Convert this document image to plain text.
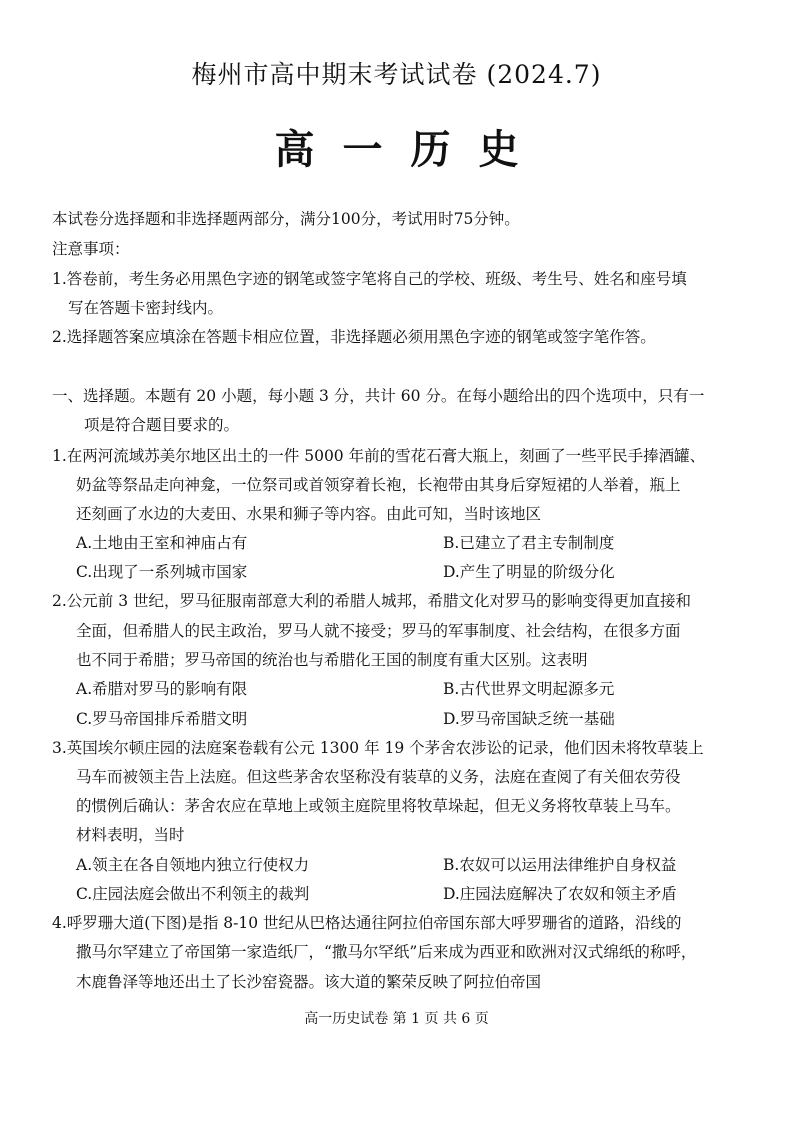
梅州市高中期末考试试卷 (2024.7)
高一历史
本试卷分选择题和非选择题两部分，满分100分，考试用时75分钟。
注意事项：
1.答卷前，考生务必用黑色字迹的钢笔或签字笔将自己的学校、班级、考生号、姓名和座号填
写在答题卡密封线内。
2.选择题答案应填涂在答题卡相应位置，非选择题必须用黑色字迹的钢笔或签字笔作答。
一、选择题。本题有 20 小题，每小题 3 分，共计 60 分。在每小题给出的四个选项中，只有一
项是符合题目要求的。
1.在两河流域苏美尔地区出土的一件 5000 年前的雪花石膏大瓶上，刻画了一些平民手捧酒罐、
奶盆等祭品走向神龛，一位祭司或首领穿着长袍，长袍带由其身后穿短裙的人举着，瓶上
还刻画了水边的大麦田、水果和狮子等内容。由此可知，当时该地区
A.土地由王室和神庙占有	B.已建立了君主专制制度
C.出现了一系列城市国家	D.产生了明显的阶级分化
2.公元前 3 世纪，罗马征服南部意大利的希腊人城邦，希腊文化对罗马的影响变得更加直接和
全面，但希腊人的民主政治，罗马人就不接受；罗马的军事制度、社会结构，在很多方面
也不同于希腊；罗马帝国的统治也与希腊化王国的制度有重大区别。这表明
A.希腊对罗马的影响有限	B.古代世界文明起源多元
C.罗马帝国排斥希腊文明	D.罗马帝国缺乏统一基础
3.英国埃尔顿庄园的法庭案卷载有公元 1300 年 19 个茅舍农涉讼的记录，他们因未将牧草装上
马车而被领主告上法庭。但这些茅舍农坚称没有装草的义务，法庭在查阅了有关佃农劳役
的惯例后确认：茅舍农应在草地上或领主庭院里将牧草垛起，但无义务将牧草装上马车。
材料表明，当时
A.领主在各自领地内独立行使权力	B.农奴可以运用法律维护自身权益
C.庄园法庭会做出不利领主的裁判	D.庄园法庭解决了农奴和领主矛盾
4.呼罗珊大道(下图)是指 8-10 世纪从巴格达通往阿拉伯帝国东部大呼罗珊省的道路，沿线的
撒马尔罕建立了帝国第一家造纸厂，“撒马尔罕纸”后来成为西亚和欧洲对汉式绵纸的称呼，
木鹿鲁泽等地还出土了长沙窑瓷器。该大道的繁荣反映了阿拉伯帝国
高一历史试卷 第 1 页 共 6 页
